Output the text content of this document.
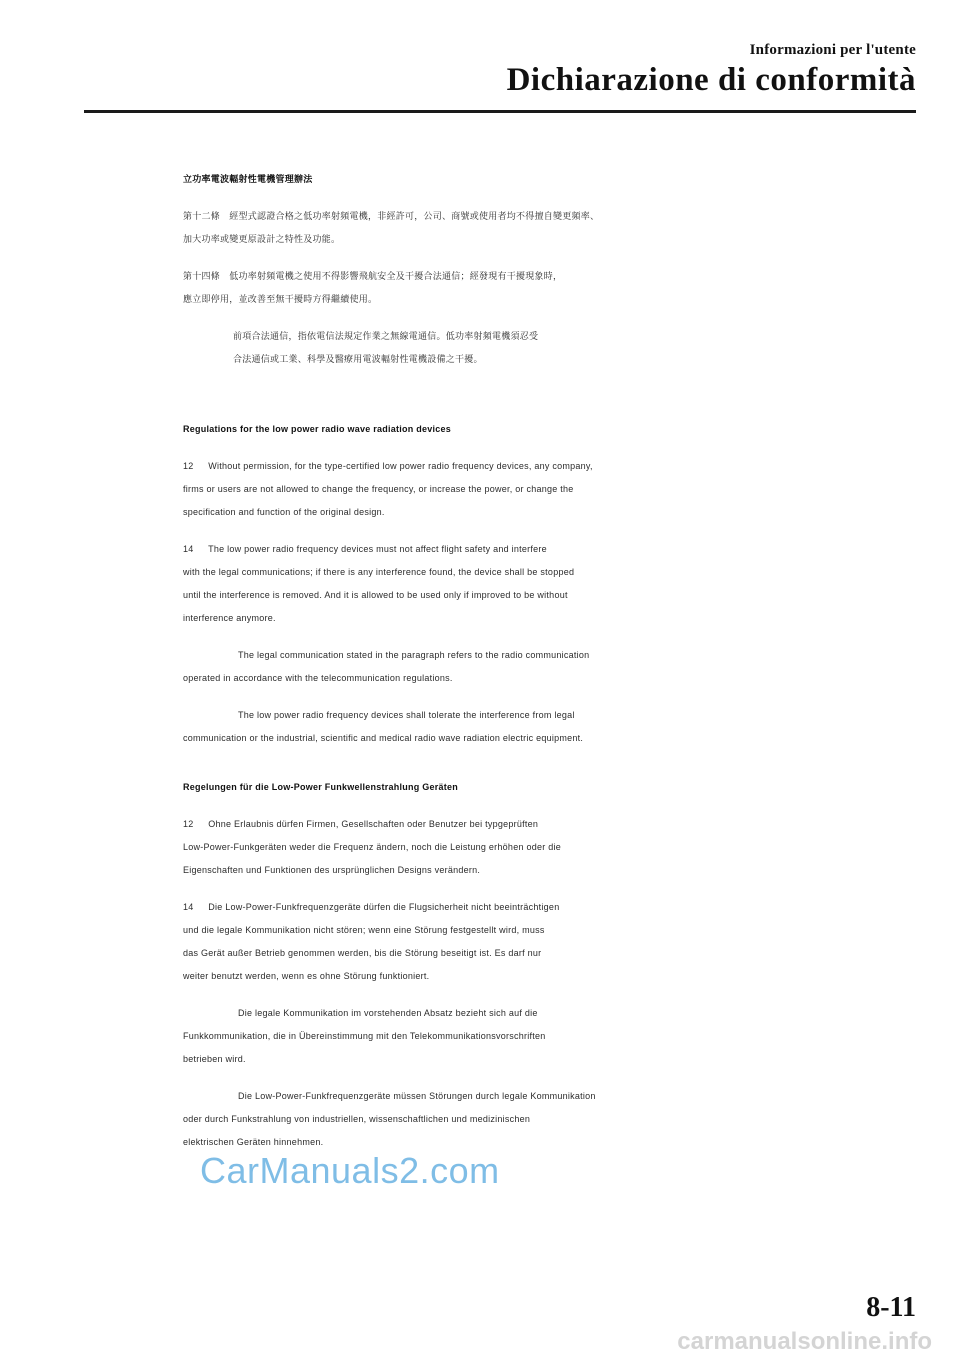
Informazioni per l'utente
Dichiarazione di conformità
立功率電波輻射性電機管理辦法
第十二條　經型式認證合格之低功率射頻電機，非經許可，公司、商號或使用者均不得擅自變更頻率、
加大功率或變更原設計之特性及功能。
第十四條　低功率射頻電機之使用不得影響飛航安全及干擾合法通信；經發現有干擾現象時，
應立即停用，並改善至無干擾時方得繼續使用。
前項合法通信，指依電信法規定作業之無線電通信。低功率射頻電機須忍受
合法通信或工業、科學及醫療用電波輻射性電機設備之干擾。
Regulations for the low power radio wave radiation devices
12   Without permission, for the type-certified low power radio frequency devices, any company,
firms or users are not allowed to change the frequency, or increase the power, or change the
specification and function of the original design.
14   The low power radio frequency devices must not affect flight safety and interfere
with the legal communications; if there is any interference found, the device shall be stopped
until the interference is removed. And it is allowed to be used only if improved to be without
interference anymore.
The legal communication stated in the paragraph refers to the radio communication
operated in accordance with the telecommunication regulations.
The low power radio frequency devices shall tolerate the interference from legal
communication or the industrial, scientific and medical radio wave radiation electric equipment.
Regelungen für die Low-Power Funkwellenstrahlung Geräten
12   Ohne Erlaubnis dürfen Firmen, Gesellschaften oder Benutzer bei typgeprüften
Low-Power-Funkgeräten weder die Frequenz ändern, noch die Leistung erhöhen oder die
Eigenschaften und Funktionen des ursprünglichen Designs verändern.
14   Die Low-Power-Funkfrequenzgeräte dürfen die Flugsicherheit nicht beeinträchtigen
und die legale Kommunikation nicht stören; wenn eine Störung festgestellt wird, muss
das Gerät außer Betrieb genommen werden, bis die Störung beseitigt ist. Es darf nur
weiter benutzt werden, wenn es ohne Störung funktioniert.
Die legale Kommunikation im vorstehenden Absatz bezieht sich auf die
Funkkommunikation, die in Übereinstimmung mit den Telekommunikationsvorschriften
betrieben wird.
Die Low-Power-Funkfrequenzgeräte müssen Störungen durch legale Kommunikation
oder durch Funkstrahlung von industriellen, wissenschaftlichen und medizinischen
elektrischen Geräten hinnehmen.
CarManuals2.com
8-11
carmanualsonline.info
